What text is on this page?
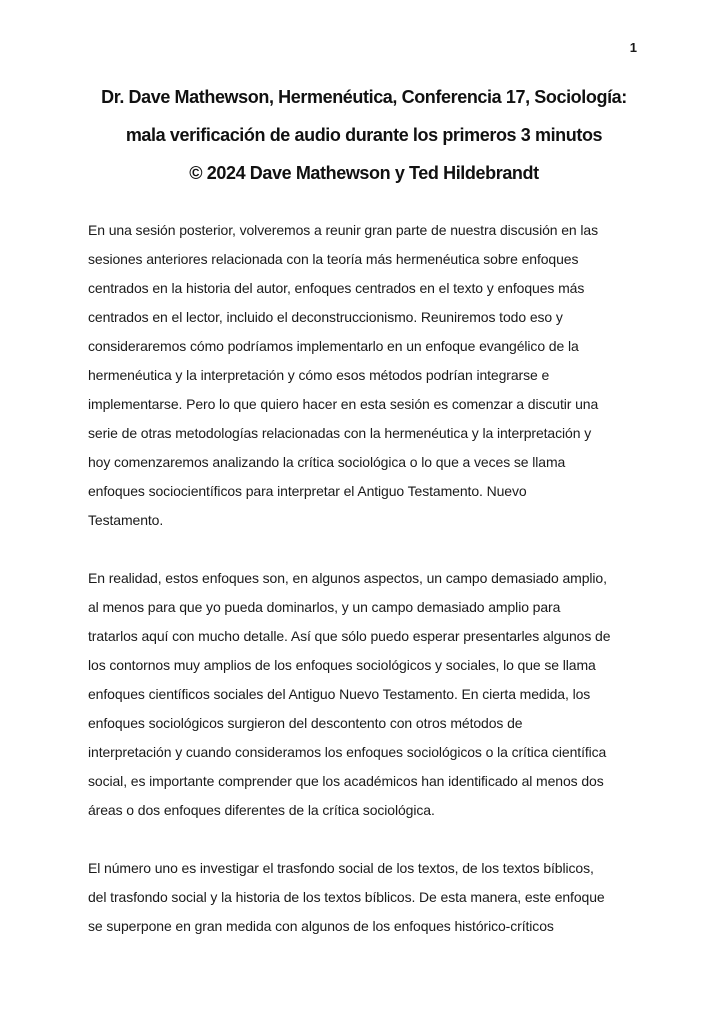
1
Dr. Dave Mathewson, Hermenéutica, Conferencia 17, Sociología:
mala verificación de audio durante los primeros 3 minutos
© 2024 Dave Mathewson y Ted Hildebrandt
En una sesión posterior, volveremos a reunir gran parte de nuestra discusión en las
sesiones anteriores relacionada con la teoría más hermenéutica sobre enfoques
centrados en la historia del autor, enfoques centrados en el texto y enfoques más
centrados en el lector, incluido el deconstruccionismo. Reuniremos todo eso y
consideraremos cómo podríamos implementarlo en un enfoque evangélico de la
hermenéutica y la interpretación y cómo esos métodos podrían integrarse e
implementarse. Pero lo que quiero hacer en esta sesión es comenzar a discutir una
serie de otras metodologías relacionadas con la hermenéutica y la interpretación y
hoy comenzaremos analizando la crítica sociológica o lo que a veces se llama
enfoques sociocientíficos para interpretar el Antiguo Testamento. Nuevo
Testamento.
En realidad, estos enfoques son, en algunos aspectos, un campo demasiado amplio,
al menos para que yo pueda dominarlos, y un campo demasiado amplio para
tratarlos aquí con mucho detalle. Así que sólo puedo esperar presentarles algunos de
los contornos muy amplios de los enfoques sociológicos y sociales, lo que se llama
enfoques científicos sociales del Antiguo Nuevo Testamento. En cierta medida, los
enfoques sociológicos surgieron del descontento con otros métodos de
interpretación y cuando consideramos los enfoques sociológicos o la crítica científica
social, es importante comprender que los académicos han identificado al menos dos
áreas o dos enfoques diferentes de la crítica sociológica.
El número uno es investigar el trasfondo social de los textos, de los textos bíblicos,
del trasfondo social y la historia de los textos bíblicos. De esta manera, este enfoque
se superpone en gran medida con algunos de los enfoques histórico-críticos
